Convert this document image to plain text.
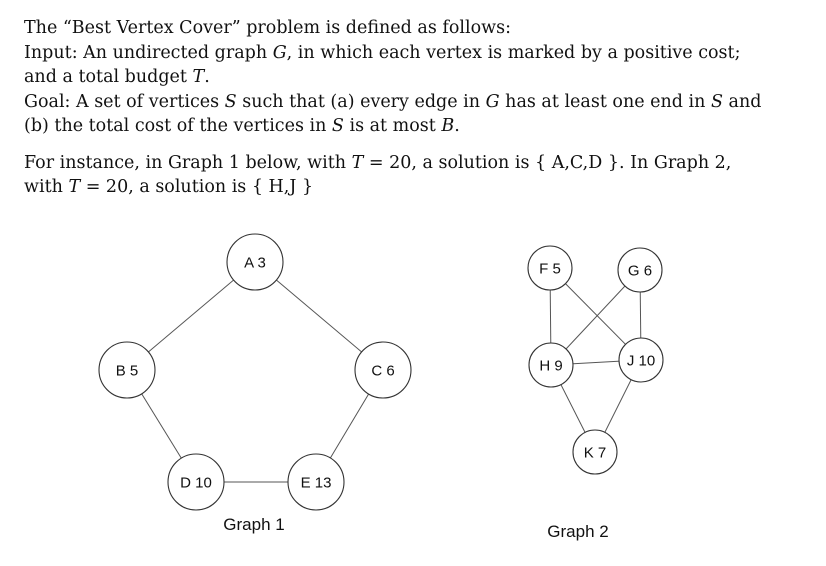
The “Best Vertex Cover” problem is defined as follows:
Input: An undirected graph G, in which each vertex is marked by a positive cost;
and a total budget T.
Goal: A set of vertices S such that (a) every edge in G has at least one end in S and
(b) the total cost of the vertices in S is at most B.

For instance, in Graph 1 below, with T = 20, a solution is { A,C,D }. In Graph 2,
with T = 20, a solution is { H,J }

A 3
B 5	C 6
D 10	E 13
Graph 1
F 5	G 6
H 9	J 10
K 7
Graph 2
